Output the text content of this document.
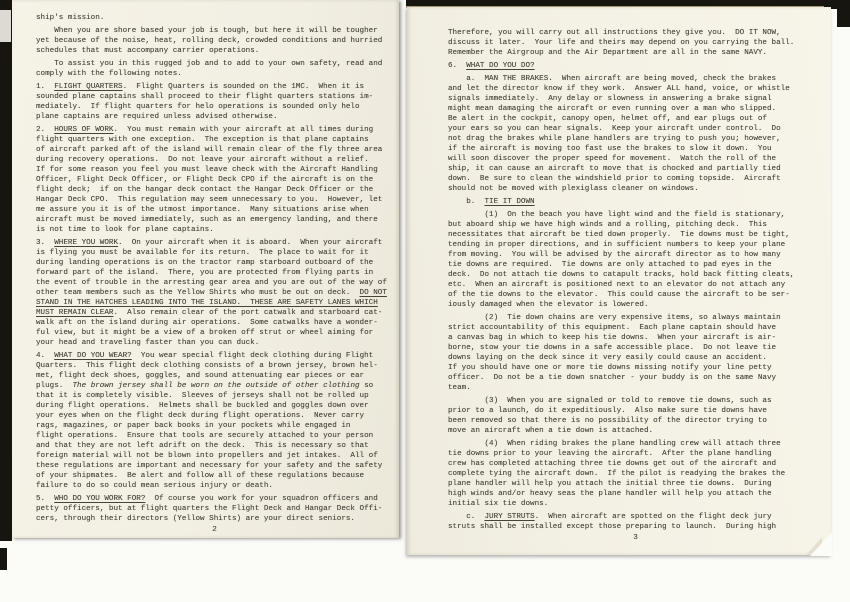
ship's mission.
When you are shore based your job is tough, but here it will be tougher
yet because of the noise, heat, rolling deck, crowded conditions and hurried
schedules that must accompany carrier operations.
To assist you in this rugged job and to add to your own safety, read and
comply with the following notes.
1.  FLIGHT QUARTERS.  Flight Quarters is sounded on the 1MC.  When it is
sounded plane captains shall proceed to their flight quarters stations im-
mediately.  If flight quarters for helo operations is sounded only helo
plane captains are required unless advised otherwise.
2.  HOURS OF WORK.  You must remain with your aircraft at all times during
flight quarters with one exception.  The exception is that plane captains
of aircraft parked aft of the island will remain clear of the fly three area
during recovery operations.  Do not leave your aircraft without a relief.
If for some reason you feel you must leave check with the Aircraft Handling
Officer, Flight Deck Officer, or Flight Deck CPO if the aircraft is on the
flight deck;  if on the hangar deck contact the Hangar Deck Officer or the
Hangar Deck CPO.  This regulation may seem unnecessary to you.  However, let
me assure you it is of the utmost importance.  Many situations arise when
aircraft must be moved immediately, such as an emergency landing, and there
is not time to look for plane captains.
3.  WHERE YOU WORK.  On your aircraft when it is aboard.  When your aircraft
is flying you must be available for its return.  The place to wait for it
during landing operations is on the tractor ramp starboard outboard of the
forward part of the island.  There, you are protected from flying parts in
the event of trouble in the arresting gear area and you are out of the way of
other team members such as the Yellow Shirts who must be out on deck.  DO NOT
STAND IN THE HATCHES LEADING INTO THE ISLAND.  THESE ARE SAFETY LANES WHICH
MUST REMAIN CLEAR.  Also remain clear of the port catwalk and starboard cat-
walk aft on the island during air operations.  Some catwalks have a wonder-
ful view, but it might be a view of a broken off strut or wheel aiming for
your head and traveling faster than you can duck.
4.  WHAT DO YOU WEAR?  You wear special flight deck clothing during Flight
Quarters.  This flight deck clothing consists of a brown jersey, brown hel-
met, flight deck shoes, goggles, and sound attenuating ear pieces or ear
plugs.  The brown jersey shall be worn on the outside of other clothing so
that it is completely visible.  Sleeves of jerseys shall not be rolled up
during flight operations.  Helmets shall be buckled and goggles down over
your eyes when on the flight deck during flight operations.  Never carry
rags, magazines, or paper back books in your pockets while engaged in
flight operations.  Ensure that tools are securely attached to your person
and that they are not left adrift on the deck.  This is necessary so that
foreign material will not be blown into propellers and jet intakes.  All of
these regulations are important and necessary for your safety and the safety
of your shipmates.  Be alert and follow all of these regulations because
failure to do so could mean serious injury or death.
5.  WHO DO YOU WORK FOR?  Of course you work for your squadron officers and
petty officers, but at flight quarters the Flight Deck and Hangar Deck Offi-
cers, through their directors (Yellow Shirts) are your direct seniors.
2
Therefore, you will carry out all instructions they give you.  DO IT NOW,
discuss it later.  Your life and theirs may depend on you carrying the ball.
Remember the Airgroup and the Air Department are all in the same NAVY.
6.  WHAT DO YOU DO?
a.  MAN THE BRAKES.  When aircraft are being moved, check the brakes
and let the director know if they work.  Answer ALL hand, voice, or whistle
signals immediately.  Any delay or slowness in answering a brake signal
might mean damaging the aircraft or even running over a man who slipped.
Be alert in the cockpit, canopy open, helmet off, and ear plugs out of
your ears so you can hear signals.  Keep your aircraft under control.  Do
not drag the brakes while plane handlers are trying to push you; however,
if the aircraft is moving too fast use the brakes to slow it down.  You
will soon discover the proper speed for movement.  Watch the roll of the
ship, it can cause an aircraft to move that is chocked and partially tied
down.  Be sure to clean the windshield prior to coming topside.  Aircraft
should not be moved with plexiglass cleaner on windows.
b.  TIE IT DOWN
(1)  On the beach you have light wind and the field is stationary,
but aboard ship we have high winds and a rolling, pitching deck.  This
necessitates that aircraft be tied down properly.  Tie downs must be tight,
tending in proper directions, and in sufficient numbers to keep your plane
from moving.  You will be advised by the aircraft director as to how many
tie downs are required.  Tie downs are only attached to pad eyes in the
deck.  Do not attach tie downs to catapult tracks, hold back fitting cleats,
etc.  When an aircraft is positioned next to an elevator do not attach any
of the tie downs to the elevator.  This could cause the aircraft to be ser-
iously damaged when the elevator is lowered.
(2)  Tie down chains are very expensive items, so always maintain
strict accountability of this equipment.  Each plane captain should have
a canvas bag in which to keep his tie downs.  When your aircraft is air-
borne, stow your tie downs in a safe accessible place.  Do not leave tie
downs laying on the deck since it very easily could cause an accident.
If you should have one or more tie downs missing notify your line petty
officer.  Do not be a tie down snatcher - your buddy is on the same Navy
team.
(3)  When you are signaled or told to remove tie downs, such as
prior to a launch, do it expeditiously.  Also make sure tie downs have
been removed so that there is no possibility of the director trying to
move an aircraft when a tie down is attached.
(4)  When riding brakes the plane handling crew will attach three
tie downs prior to your leaving the aircraft.  After the plane handling
crew has completed attaching three tie downs get out of the aircraft and
complete tying the aircraft down.  If the pilot is readying the brakes the
plane handler will help you attach the initial three tie downs.  During
high winds and/or heavy seas the plane handler will help you attach the
initial six tie downs.
c.  JURY STRUTS.  When aircraft are spotted on the flight deck jury
struts shall be installed except those preparing to launch.  During high
3
